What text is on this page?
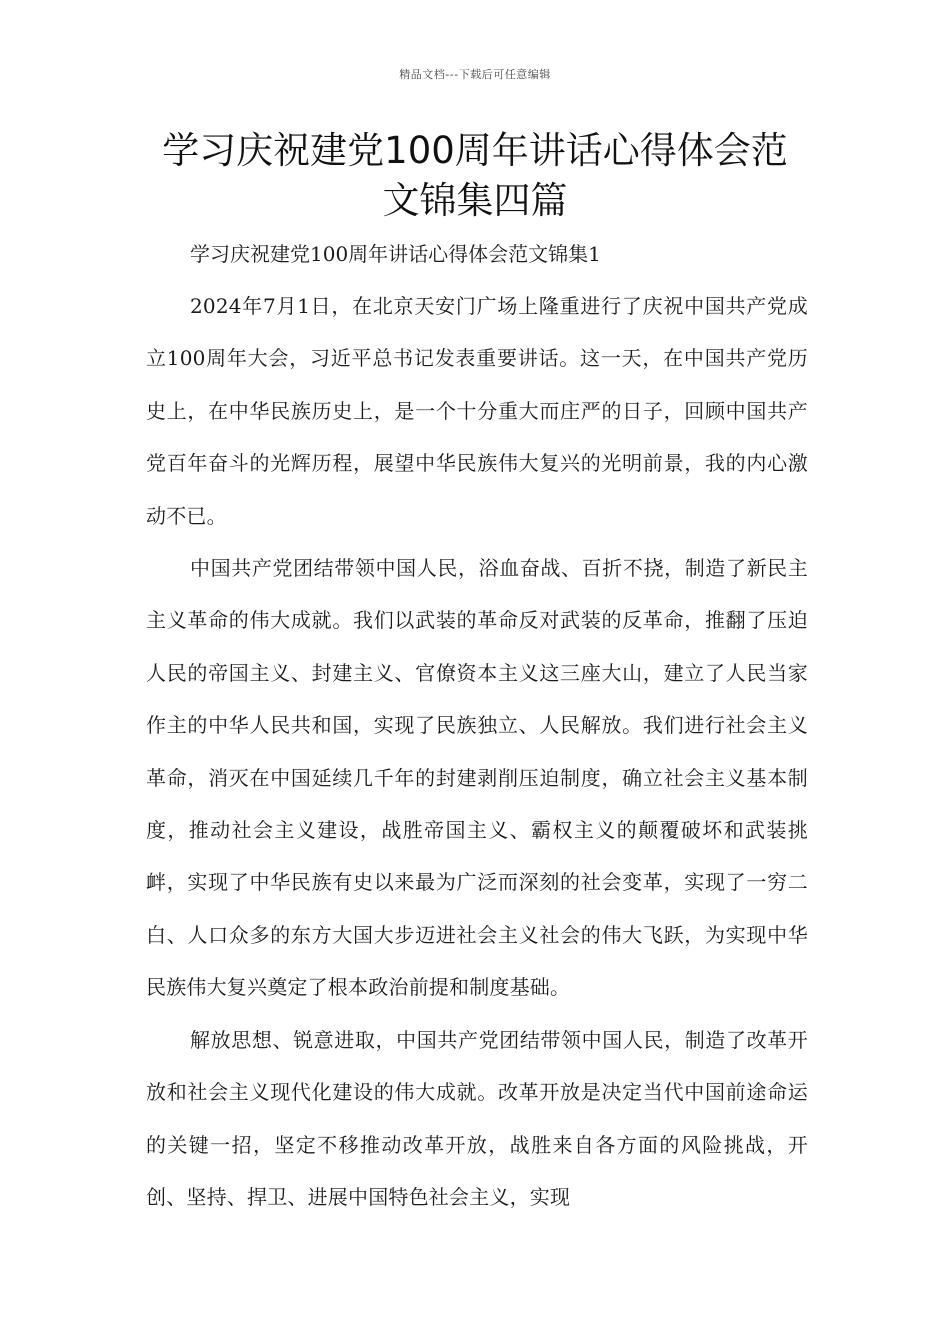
精品文档---下载后可任意编辑
学习庆祝建党100周年讲话心得体会范
文锦集四篇

学习庆祝建党100周年讲话心得体会范文锦集1

2024年7月1日，在北京天安门广场上隆重进行了庆祝中国共产党成立100周年大会，习近平总书记发表重要讲话。这一天，在中国共产党历史上，在中华民族历史上，是一个十分重大而庄严的日子，回顾中国共产党百年奋斗的光辉历程，展望中华民族伟大复兴的光明前景，我的内心激动不已。

中国共产党团结带领中国人民，浴血奋战、百折不挠，制造了新民主主义革命的伟大成就。我们以武装的革命反对武装的反革命，推翻了压迫人民的帝国主义、封建主义、官僚资本主义这三座大山，建立了人民当家作主的中华人民共和国，实现了民族独立、人民解放。我们进行社会主义革命，消灭在中国延续几千年的封建剥削压迫制度，确立社会主义基本制度，推动社会主义建设，战胜帝国主义、霸权主义的颠覆破坏和武装挑衅，实现了中华民族有史以来最为广泛而深刻的社会变革，实现了一穷二白、人口众多的东方大国大步迈进社会主义社会的伟大飞跃，为实现中华民族伟大复兴奠定了根本政治前提和制度基础。

解放思想、锐意进取，中国共产党团结带领中国人民，制造了改革开放和社会主义现代化建设的伟大成就。改革开放是决定当代中国前途命运的关键一招，坚定不移推动改革开放，战胜来自各方面的风险挑战，开创、坚持、捍卫、进展中国特色社会主义，实现
